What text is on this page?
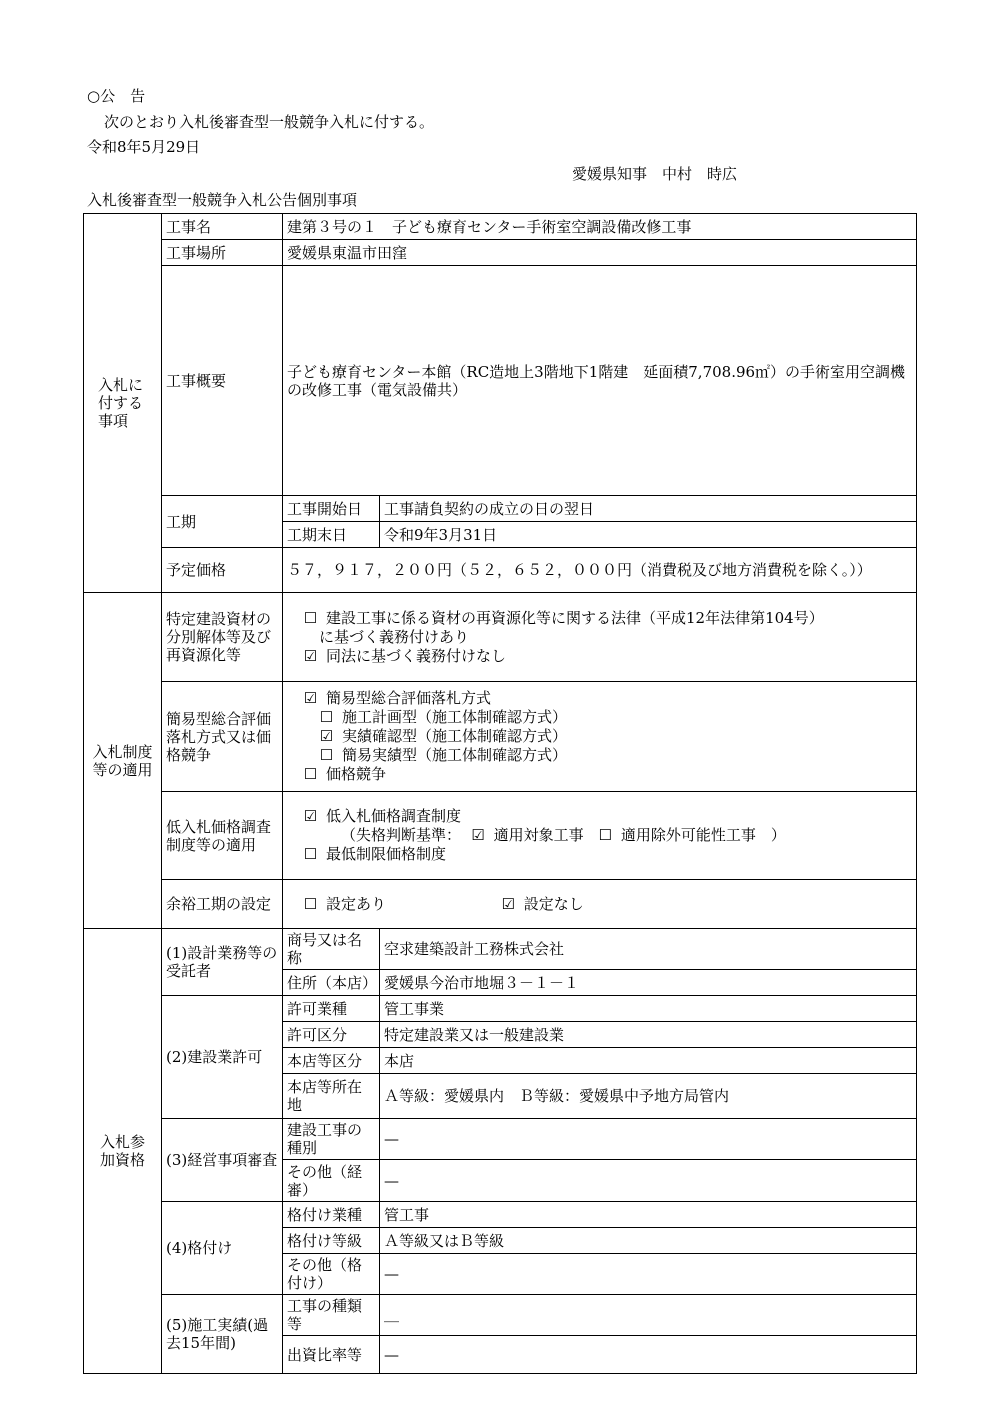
○公　告
次のとおり入札後審査型一般競争入札に付する。
令和8年5月29日
愛媛県知事　中村　時広
入札後審査型一般競争入札公告個別事項
入札に付する事項	工事名	建第３号の１　子ども療育センター手術室空調設備改修工事	
	工事場所	愛媛県東温市田窪	
	工事概要	子ども療育センター本館（RC造地上3階地下1階建　延面積7,708.96㎡）の手術室用空調機の改修工事（電気設備共）	
	工期	工事開始日	工事請負契約の成立の日の翌日
		工期末日	令和9年3月31日
	予定価格	５７，９１７，２００円（５２，６５２，０００円（消費税及び地方消費税を除く。））	
入札制度等の適用	特定建設資材の分別解体等及び再資源化等	☐ 建設工事に係る資材の再資源化等に関する法律（平成12年法律第104号）
に基づく義務付けあり
☑ 同法に基づく義務付けなし	

	簡易型総合評価落札方式又は価格競争	☑ 簡易型総合評価落札方式
☐ 施工計画型（施工体制確認方式）
☑ 実績確認型（施工体制確認方式）
☐ 簡易実績型（施工体制確認方式）
☐ 価格競争	

	低入札価格調査制度等の適用	☑ 低入札価格調査制度
（失格判断基準： ☑ 適用対象工事 ☐ 適用除外可能性工事　）
☐ 最低制限価格制度	

	余裕工期の設定	☐ 設定あり ☑ 設定なし	
入札参加資格	(1)設計業務等の受託者	商号又は名称	空求建築設計工務株式会社
		住所（本店）	愛媛県今治市地堀３－１－１
	(2)建設業許可	許可業種	管工事業
		許可区分	特定建設業又は一般建設業
		本店等区分	本店
		本店等所在地	Ａ等級：愛媛県内　Ｂ等級：愛媛県中予地方局管内
	(3)経営事項審査	建設工事の種別	—
		その他（経審）	—
	(4)格付け	格付け業種	管工事
		格付け等級	Ａ等級又はＢ等級
		その他（格付け）	—
	(5)施工実績(過去15年間)	工事の種類等	＿
		出資比率等	—
